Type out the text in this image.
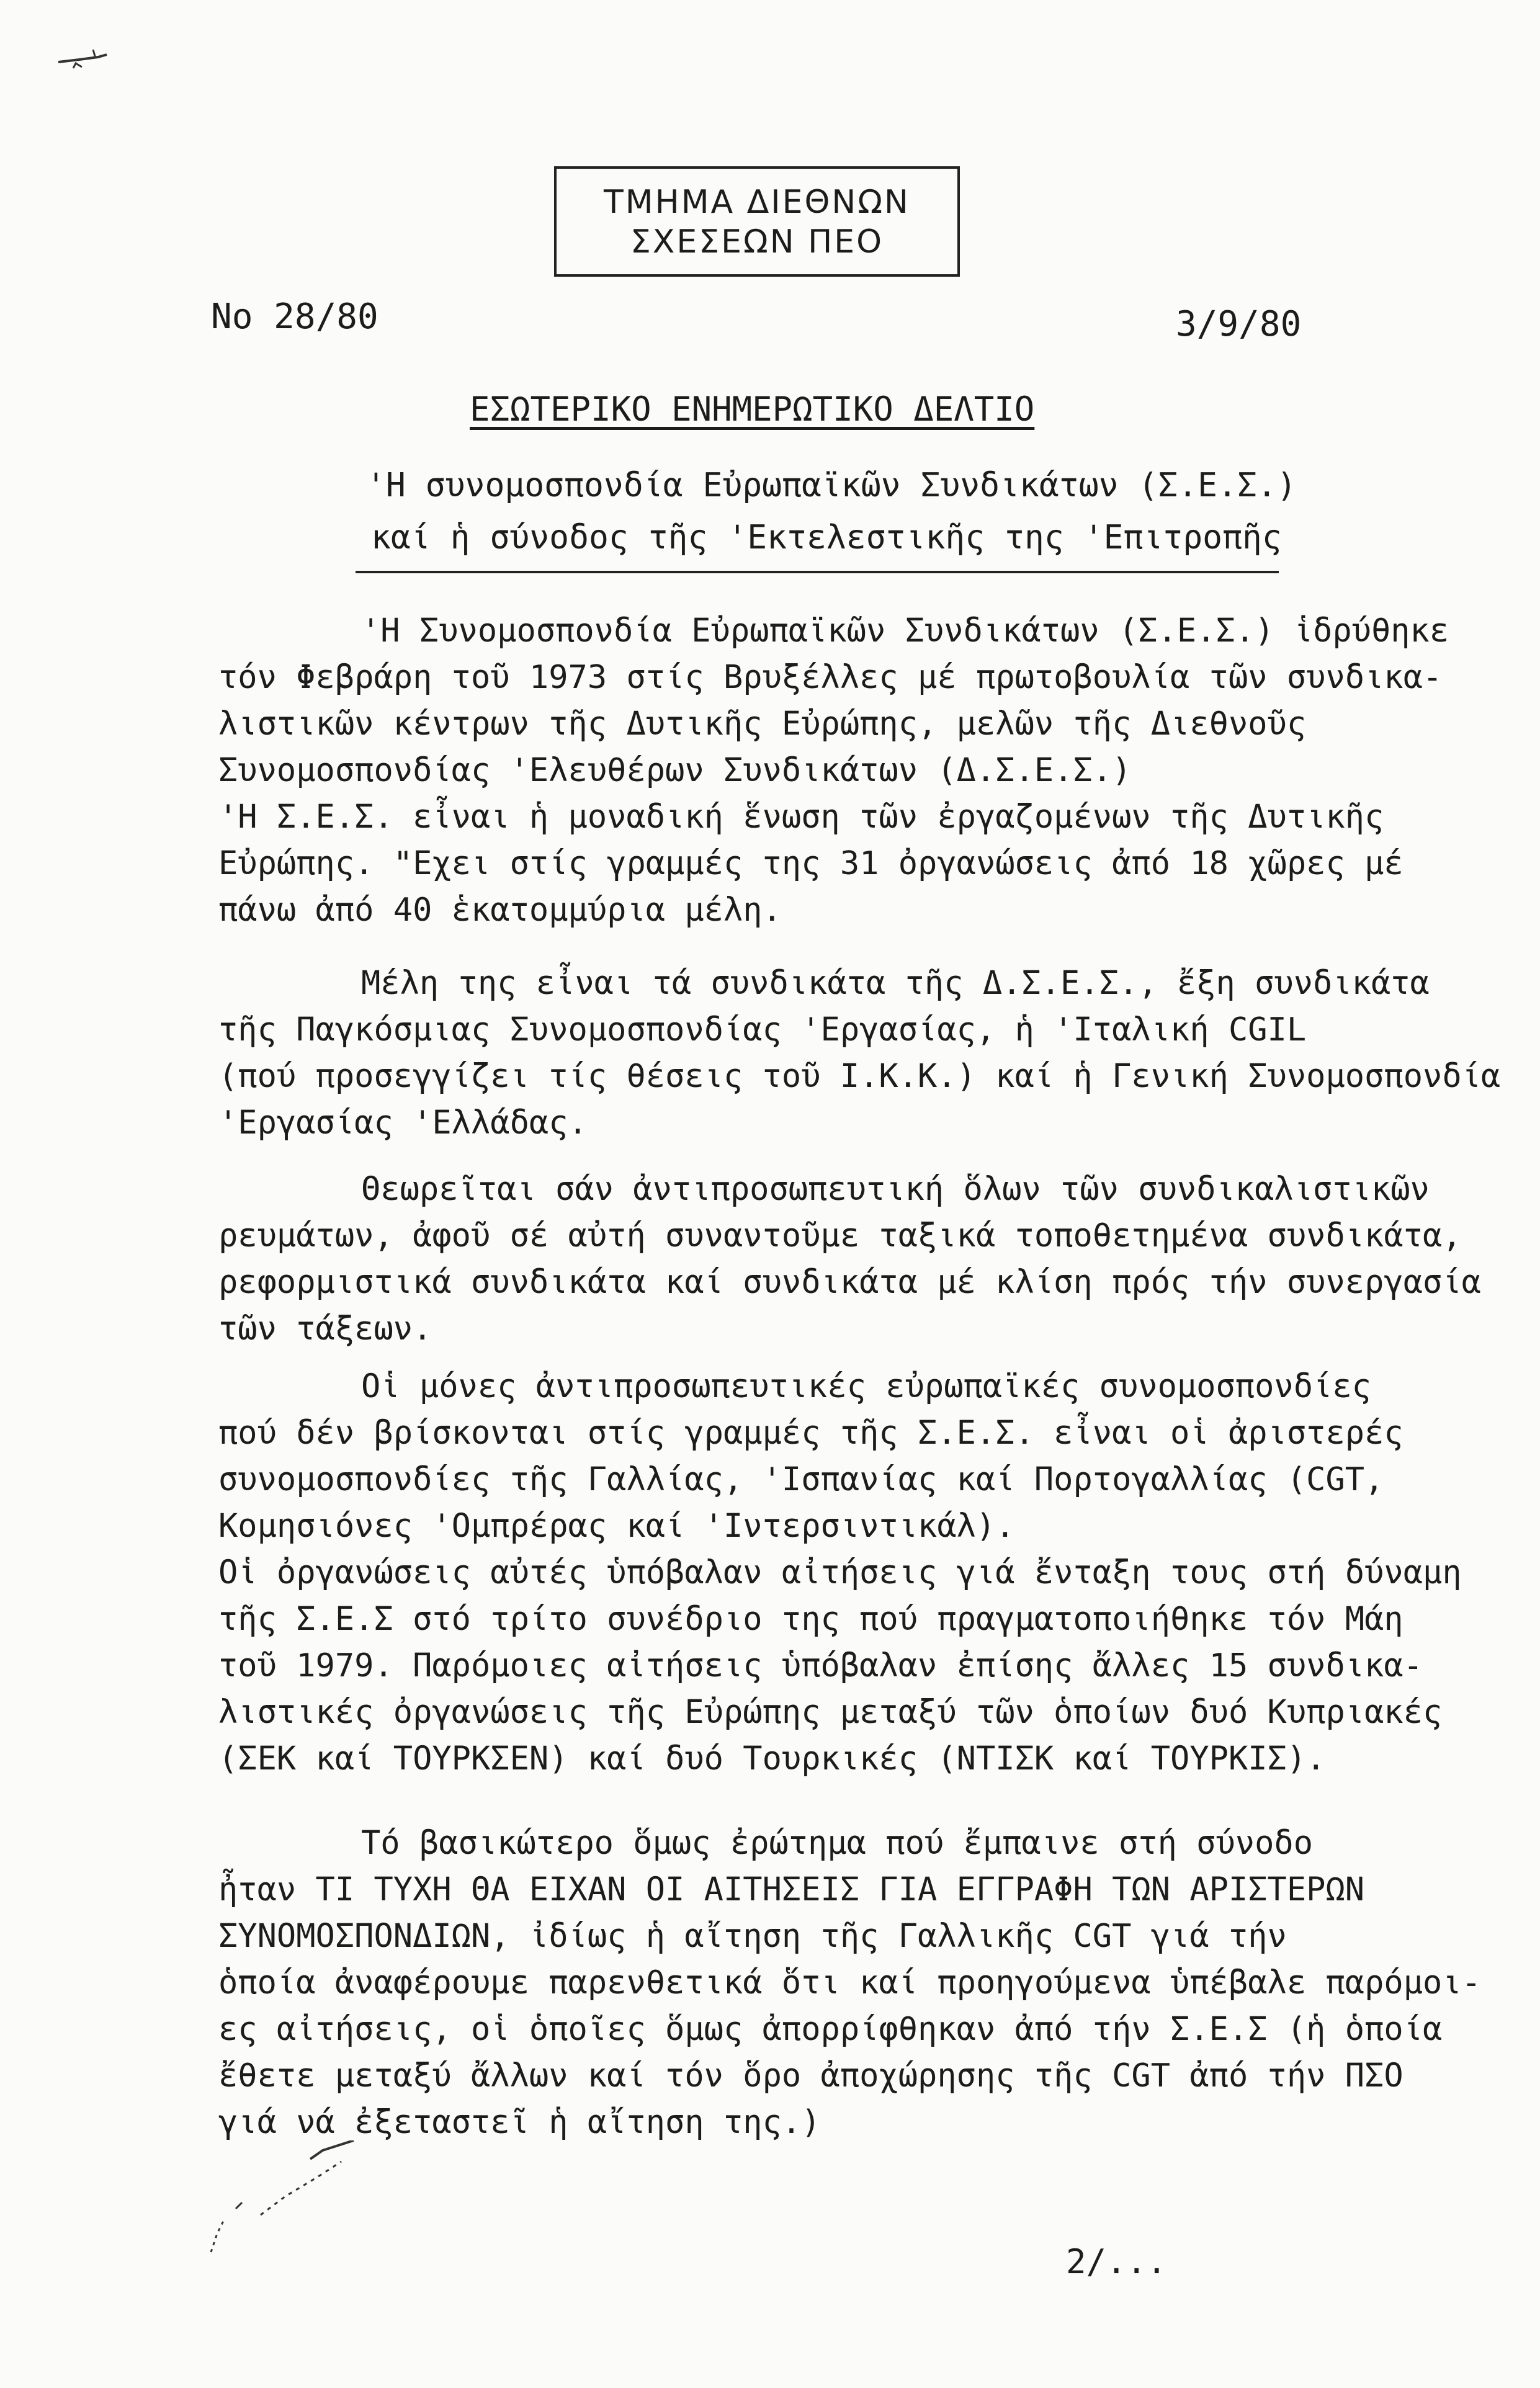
ΤΜΗΜΑ ΔΙΕΘΝΩΝ
ΣΧΕΣΕΩΝ ΠΕΟ
No 28/80	3/9/80
ΕΣΩΤΕΡΙΚΟ ΕΝΗΜΕΡΩΤΙΚΟ ΔΕΛΤΙΟ
'Η συνομοσπονδία Εὐρωπαϊκῶν Συνδικάτων (Σ.Ε.Σ.)
καί ἡ σύνοδος τῆς 'Εκτελεστικῆς της 'Επιτροπῆς
'Η Συνομοσπονδία Εὐρωπαϊκῶν Συνδικάτων (Σ.Ε.Σ.) ἱδρύθηκε
τόν Φεβράρη τοῦ 1973 στίς Βρυξέλλες μέ πρωτοβουλία τῶν συνδικα-
λιστικῶν κέντρων τῆς Δυτικῆς Εὐρώπης, μελῶν τῆς Διεθνοῦς
Συνομοσπονδίας 'Ελευθέρων Συνδικάτων (Δ.Σ.Ε.Σ.)
'Η Σ.Ε.Σ. εἶναι ἡ μοναδική ἕνωση τῶν ἐργαζομένων τῆς Δυτικῆς
Εὐρώπης. "Εχει στίς γραμμές της 31 ὀργανώσεις ἀπό 18 χῶρες μέ
πάνω ἀπό 40 ἑκατομμύρια μέλη.
Μέλη της εἶναι τά συνδικάτα τῆς Δ.Σ.Ε.Σ., ἔξη συνδικάτα
τῆς Παγκόσμιας Συνομοσπονδίας 'Εργασίας, ἡ 'Ιταλική CGIL
(πού προσεγγίζει τίς θέσεις τοῦ Ι.Κ.Κ.) καί ἡ Γενική Συνομοσπονδία
'Εργασίας 'Ελλάδας.
Θεωρεῖται σάν ἀντιπροσωπευτική ὅλων τῶν συνδικαλιστικῶν
ρευμάτων, ἀφοῦ σέ αὐτή συναντοῦμε ταξικά τοποθετημένα συνδικάτα,
ρεφορμιστικά συνδικάτα καί συνδικάτα μέ κλίση πρός τήν συνεργασία
τῶν τάξεων.
Οἱ μόνες ἀντιπροσωπευτικές εὐρωπαϊκές συνομοσπονδίες
πού δέν βρίσκονται στίς γραμμές τῆς Σ.Ε.Σ. εἶναι οἱ ἀριστερές
συνομοσπονδίες τῆς Γαλλίας, 'Ισπανίας καί Πορτογαλλίας (CGT,
Κομησιόνες 'Ομπρέρας καί 'Ιντερσιντικάλ).
Οἱ ὀργανώσεις αὐτές ὑπόβαλαν αἰτήσεις γιά ἔνταξη τους στή δύναμη
τῆς Σ.Ε.Σ στό τρίτο συνέδριο της πού πραγματοποιήθηκε τόν Μάη
τοῦ 1979. Παρόμοιες αἰτήσεις ὑπόβαλαν ἐπίσης ἄλλες 15 συνδικα-
λιστικές ὀργανώσεις τῆς Εὐρώπης μεταξύ τῶν ὁποίων δυό Κυπριακές
(ΣΕΚ καί ΤΟΥΡΚΣΕΝ) καί δυό Τουρκικές (ΝΤΙΣΚ καί ΤΟΥΡΚΙΣ).
Τό βασικώτερο ὅμως ἐρώτημα πού ἔμπαινε στή σύνοδο
ἦταν ΤΙ ΤΥΧΗ ΘΑ ΕΙΧΑΝ ΟΙ ΑΙΤΗΣΕΙΣ ΓΙΑ ΕΓΓΡΑΦΗ ΤΩΝ ΑΡΙΣΤΕΡΩΝ
ΣΥΝΟΜΟΣΠΟΝΔΙΩΝ, ἰδίως ἡ αἴτηση τῆς Γαλλικῆς CGT γιά τήν
ὁποία ἀναφέρουμε παρενθετικά ὅτι καί προηγούμενα ὑπέβαλε παρόμοι-
ες αἰτήσεις, οἱ ὁποῖες ὅμως ἀπορρίφθηκαν ἀπό τήν Σ.Ε.Σ (ἡ ὁποία
ἔθετε μεταξύ ἄλλων καί τόν ὅρο ἀποχώρησης τῆς CGT ἀπό τήν ΠΣΟ
γιά νά ἐξεταστεῖ ἡ αἴτηση της.)
2/...
